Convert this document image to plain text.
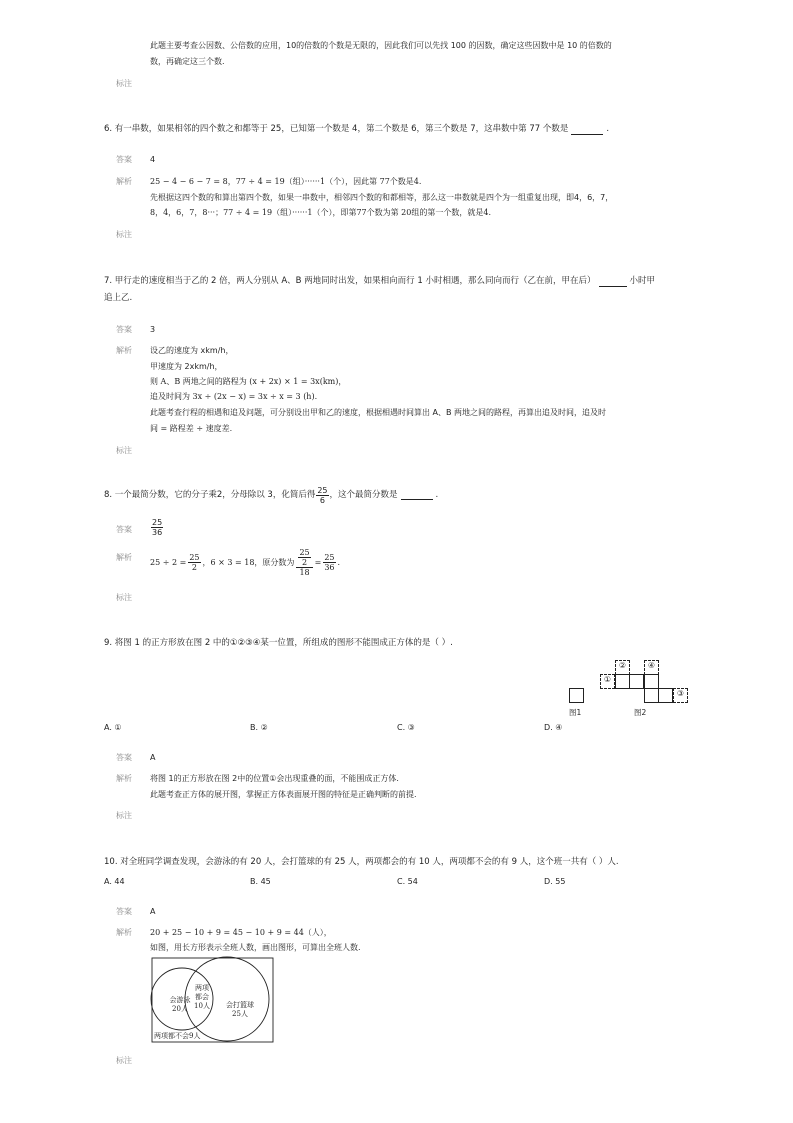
此题主要考查公因数、公倍数的应用，10的倍数的个数是无限的，因此我们可以先找 100 的因数，确定这些因数中是 10 的倍数的
数，再确定这三个数.
标注
6. 有一串数，如果相邻的四个数之和都等于 25，已知第一个数是 4，第二个数是 6，第三个数是 7，这串数中第 77 个数是	.
答案 4
解析 25 − 4 − 6 − 7 = 8，77 ÷ 4 = 19（组）······1（个），因此第 77个数是4.
先根据这四个数的和算出第四个数，如果一串数中，相邻四个数的和都相等，那么这一串数就是四个为一组重复出现，即4，6，7，
8，4，6，7，8···；77 ÷ 4 = 19（组）······1（个），即第77个数为第 20组的第一个数，就是4.
标注
7. 甲行走的速度相当于乙的 2 倍，两人分别从 A、B 两地同时出发，如果相向而行 1 小时相遇，那么同向而行（乙在前，甲在后）	小时甲
追上乙.
答案 3
解析 设乙的速度为 xkm/h，
甲速度为 2xkm/h，
则 A、B 两地之间的路程为 (x + 2x) × 1 = 3x(km)，
追及时间为 3x ÷ (2x − x) = 3x ÷ x = 3 (h).
此题考查行程的相遇和追及问题，可分别设出甲和乙的速度，根据相遇时间算出 A、B 两地之间的路程，再算出追及时间，追及时
间 = 路程差 ÷ 速度差.
标注
8. 一个最简分数，它的分子乘2，分母除以 3，化简后得 $\frac{25}{6}$ ，这个最简分数是	.
答案 $\frac{25}{36}$
解析
$25 \div 2 = \frac{25}{2}$ ，6 × 3 = 18，原分数为 $\frac{\frac{25}{2}}{18} = \frac{25}{36}$ .
标注
9. 将图 1 的正方形放在图 2 中的①②③④某一位置，所组成的图形不能围成正方体的是（ ）.
图1
②	④
①
③
图2
A. ①	B. ②	C. ③	D. ④
答案 A
解析 将图 1的正方形放在图 2中的位置①会出现重叠的面，不能围成正方体.
此题考查正方体的展开图，掌握正方体表面展开图的特征是正确判断的前提.
标注
10. 对全班同学调查发现，会游泳的有 20 人，会打篮球的有 25 人，两项都会的有 10 人，两项都不会的有 9 人，这个班一共有（ ）人.
A. 44	B. 45	C. 54	D. 55
答案 A
解析 20 + 25 − 10 + 9 = 45 − 10 + 9 = 44（人），
如图，用长方形表示全班人数，画出图形，可算出全班人数.
会游泳
20人
两项
都会
10人	会打篮球
25人
两项都不会9人
标注
